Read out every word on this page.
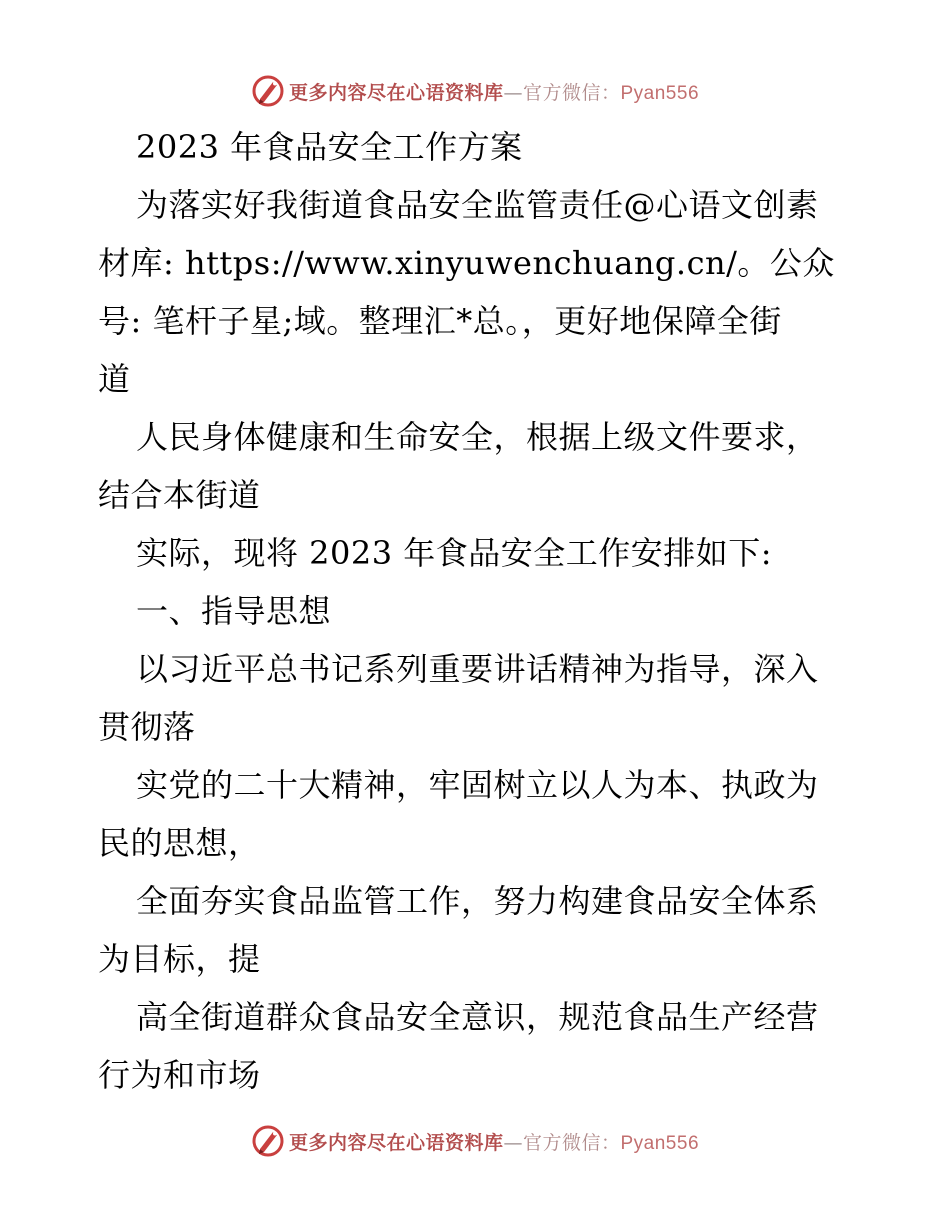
更多内容尽在心语资料库—官方微信：Pyan556
2023 年食品安全工作方案
为落实好我街道食品安全监管责任@心语文创素
材库: https://www.xinyuwenchuang.cn/。公众
号: 笔杆子星;域。整理汇*总。，更好地保障全街
道
人民身体健康和生命安全，根据上级文件要求，
结合本街道
实际，现将 2023 年食品安全工作安排如下:
一、指导思想
以习近平总书记系列重要讲话精神为指导，深入
贯彻落
实党的二十大精神，牢固树立以人为本、执政为
民的思想，
全面夯实食品监管工作，努力构建食品安全体系
为目标，提
高全街道群众食品安全意识，规范食品生产经营
行为和市场
更多内容尽在心语资料库—官方微信：Pyan556
